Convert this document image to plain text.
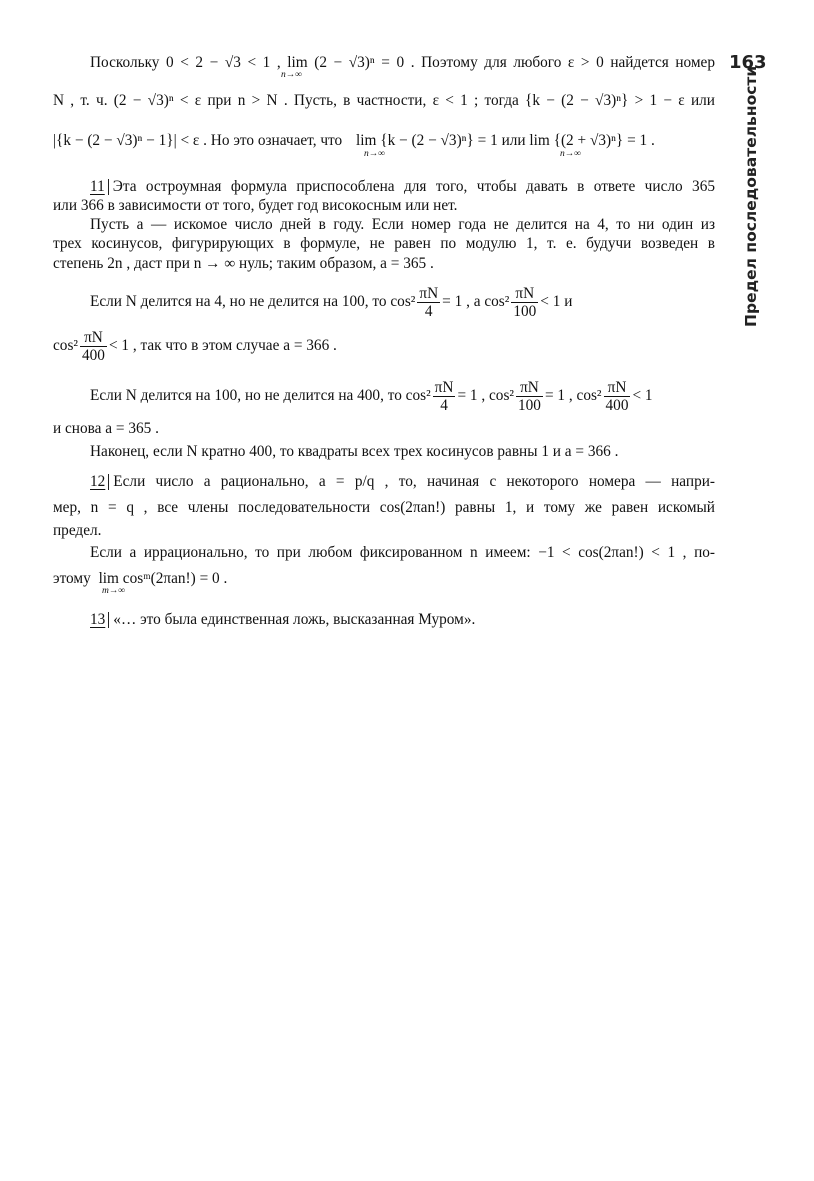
163
Предел последовательности
Поскольку 0 < 2 − √3 < 1 , lim (2 − √3)ⁿ = 0 . Поэтому для любого ε > 0 найдется номер
n→∞
N , т. ч. (2 − √3)ⁿ < ε при n > N . Пусть, в частности, ε < 1 ; тогда {k − (2 − √3)ⁿ} > 1 − ε или
|{k − (2 − √3)ⁿ − 1}| < ε . Но это означает, что lim {k − (2 − √3)ⁿ} = 1 или lim {(2 + √3)ⁿ} = 1 .
n→∞	n→∞
11 Эта остроумная формула приспособлена для того, чтобы давать в ответе число 365
или 366 в зависимости от того, будет год високосным или нет.
Пусть a — искомое число дней в году. Если номер года не делится на 4, то ни один из
трех косинусов, фигурирующих в формуле, не равен по модулю 1, т. е. будучи возведен в
степень 2n , даст при n → ∞ нуль; таким образом, a = 365 .
Если N делится на 4, но не делится на 100, то $\cos^2 \frac{\pi N}{4} = 1$ , а $\cos^2 \frac{\pi N}{100} < 1$ и
$\cos^2 \frac{\pi N}{400} < 1$ , так что в этом случае a = 366 .
Если N делится на 100, но не делится на 400, то $\cos^2 \frac{\pi N}{4} = 1$ , $\cos^2 \frac{\pi N}{100} = 1$ , $\cos^2 \frac{\pi N}{400} < 1$
и снова a = 365 .
Наконец, если N кратно 400, то квадраты всех трех косинусов равны 1 и a = 366 .
12 Если число a рационально, a = p/q , то, начиная с некоторого номера — напри-
мер, n = q , все члены последовательности cos(2πan!) равны 1, и тому же равен искомый
предел.
Если a иррационально, то при любом фиксированном n имеем: −1 < cos(2πan!) < 1 , по-
этому lim cosᵐ(2πan!) = 0 .
m→∞
13 «… это была единственная ложь, высказанная Муром».
